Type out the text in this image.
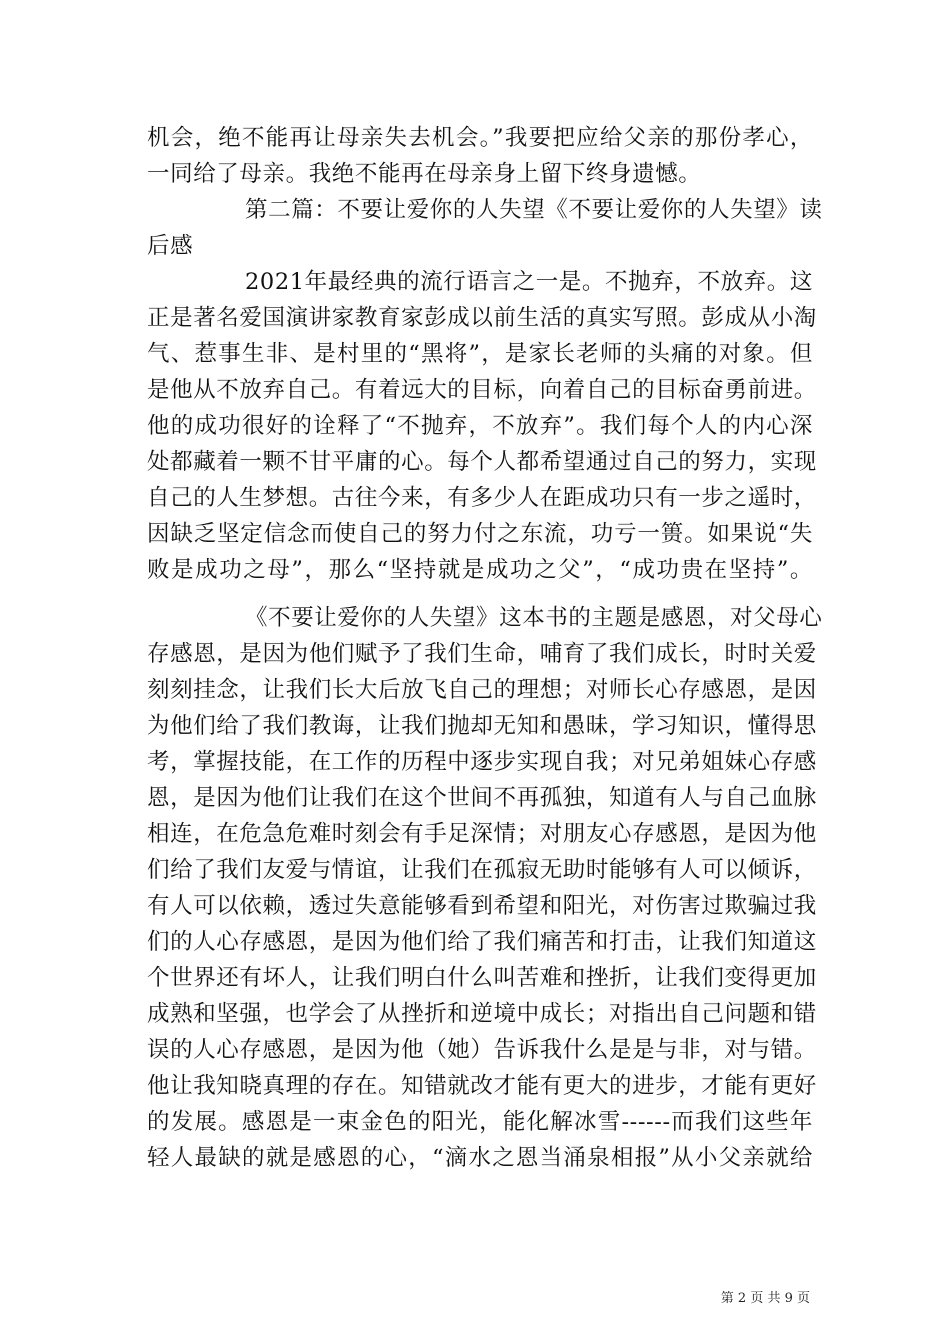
机会，绝不能再让母亲失去机会。”我要把应给父亲的那份孝心，
一同给了母亲。我绝不能再在母亲身上留下终身遗憾。
第二篇：不要让爱你的人失望《不要让爱你的人失望》读
后感
2021年最经典的流行语言之一是。不抛弃，不放弃。这
正是著名爱国演讲家教育家彭成以前生活的真实写照。彭成从小淘
气、惹事生非、是村里的“黑将”，是家长老师的头痛的对象。但
是他从不放弃自己。有着远大的目标，向着自己的目标奋勇前进。
他的成功很好的诠释了“不抛弃，不放弃”。我们每个人的内心深
处都藏着一颗不甘平庸的心。每个人都希望通过自己的努力，实现
自己的人生梦想。古往今来，有多少人在距成功只有一步之遥时，
因缺乏坚定信念而使自己的努力付之东流，功亏一篑。如果说“失
败是成功之母”，那么“坚持就是成功之父”，“成功贵在坚持”。
《不要让爱你的人失望》这本书的主题是感恩，对父母心
存感恩，是因为他们赋予了我们生命，哺育了我们成长，时时关爱
刻刻挂念，让我们长大后放飞自己的理想；对师长心存感恩，是因
为他们给了我们教诲，让我们抛却无知和愚昧，学习知识，懂得思
考，掌握技能，在工作的历程中逐步实现自我；对兄弟姐妹心存感
恩，是因为他们让我们在这个世间不再孤独，知道有人与自己血脉
相连，在危急危难时刻会有手足深情；对朋友心存感恩，是因为他
们给了我们友爱与情谊，让我们在孤寂无助时能够有人可以倾诉，
有人可以依赖，透过失意能够看到希望和阳光，对伤害过欺骗过我
们的人心存感恩，是因为他们给了我们痛苦和打击，让我们知道这
个世界还有坏人，让我们明白什么叫苦难和挫折，让我们变得更加
成熟和坚强，也学会了从挫折和逆境中成长；对指出自己问题和错
误的人心存感恩，是因为他（她）告诉我什么是是与非，对与错。
他让我知晓真理的存在。知错就改才能有更大的进步，才能有更好
的发展。感恩是一束金色的阳光，能化解冰雪------而我们这些年
轻人最缺的就是感恩的心，“滴水之恩当涌泉相报”从小父亲就给
第 2 页 共 9 页
